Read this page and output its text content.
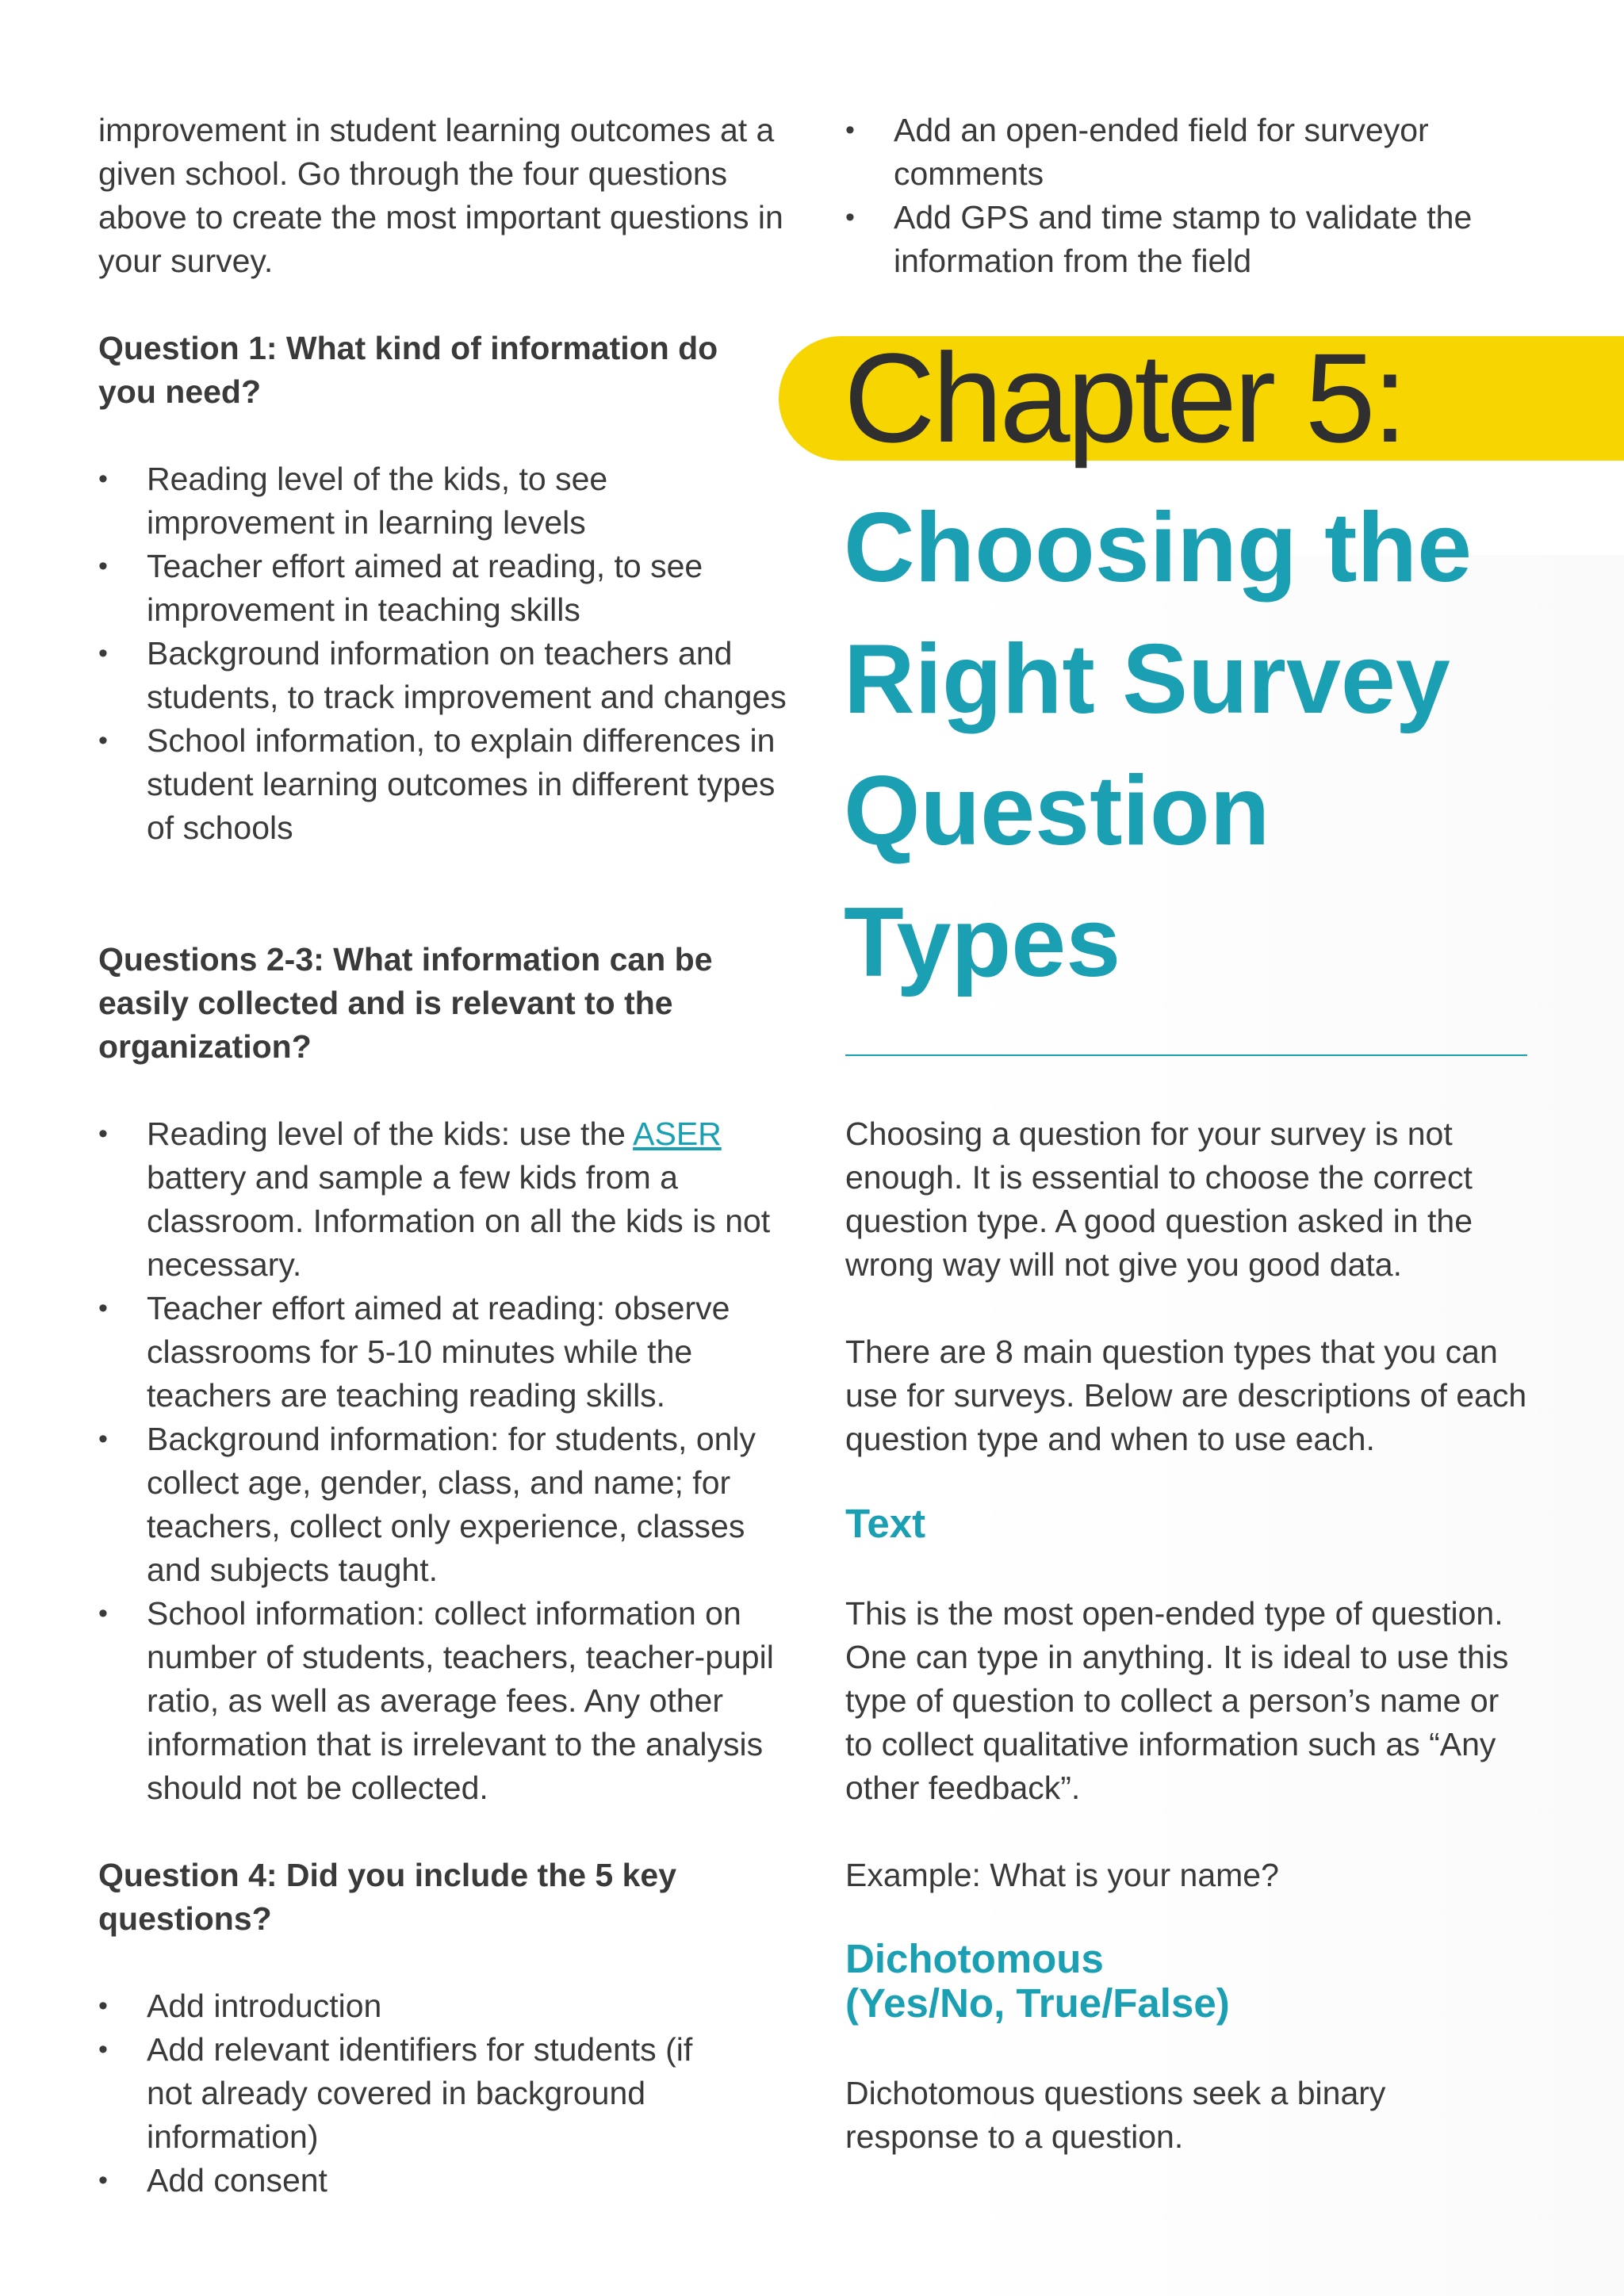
improvement in student learning outcomes at a given school. Go through the four questions above to create the most important questions in your survey.

Question 1: What kind of information do you need?

• Reading level of the kids, to see improvement in learning levels
• Teacher effort aimed at reading, to see improvement in teaching skills
• Background information on teachers and students, to track improvement and changes
• School information, to explain differences in student learning outcomes in different types of schools

Questions 2-3: What information can be easily collected and is relevant to the organization?

• Reading level of the kids: use the ASER battery and sample a few kids from a classroom. Information on all the kids is not necessary.
• Teacher effort aimed at reading: observe classrooms for 5-10 minutes while the teachers are teaching reading skills.
• Background information: for students, only collect age, gender, class, and name; for teachers, collect only experience, classes and subjects taught.
• School information: collect information on number of students, teachers, teacher-pupil ratio, as well as average fees. Any other information that is irrelevant to the analysis should not be collected.

Question 4: Did you include the 5 key questions?

• Add introduction
• Add relevant identifiers for students (if not already covered in background information)
• Add consent
• Add an open-ended field for surveyor comments
• Add GPS and time stamp to validate the information from the field
Chapter 5:
Choosing the Right Survey Question Types

Choosing a question for your survey is not enough. It is essential to choose the correct question type. A good question asked in the wrong way will not give you good data.

There are 8 main question types that you can use for surveys. Below are descriptions of each question type and when to use each.

Text

This is the most open-ended type of question. One can type in anything. It is ideal to use this type of question to collect a person’s name or to collect qualitative information such as “Any other feedback”.

Example: What is your name?

Dichotomous
(Yes/No, True/False)

Dichotomous questions seek a binary response to a question.
